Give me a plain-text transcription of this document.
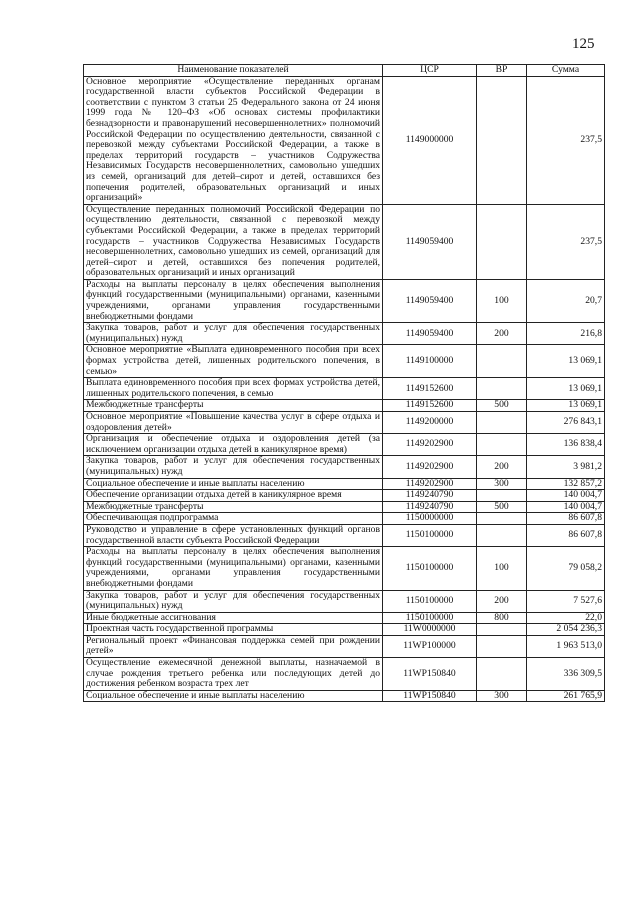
125
Наименование показателей	ЦСР	ВР	Сумма
Основное мероприятие «Осуществление переданных органам государственной власти субъектов Российской Федерации в соответствии с пунктом 3 статьи 25 Федерального закона от 24 июня 1999 года № 120–ФЗ «Об основах системы профилактики безнадзорности и правонарушений несовершеннолетних» полномочий Российской Федерации по осуществлению деятельности, связанной с перевозкой между субъектами Российской Федерации, а также в пределах территорий государств – участников Содружества Независимых Государств несовершеннолетних, самовольно ушедших из семей, организаций для детей–сирот и детей, оставшихся без попечения родителей, образовательных организаций и иных организаций»	1149000000		237,5
Осуществление переданных полномочий Российской Федерации по осуществлению деятельности, связанной с перевозкой между субъектами Российской Федерации, а также в пределах территорий государств – участников Содружества Независимых Государств несовершеннолетних, самовольно ушедших из семей, организаций для детей–сирот и детей, оставшихся без попечения родителей, образовательных организаций и иных организаций	1149059400		237,5
Расходы на выплаты персоналу в целях обеспечения выполнения функций государственными (муниципальными) органами, казенными учреждениями, органами управления государственными внебюджетными фондами	1149059400	100	20,7
Закупка товаров, работ и услуг для обеспечения государственных (муниципальных) нужд	1149059400	200	216,8
Основное мероприятие «Выплата единовременного пособия при всех формах устройства детей, лишенных родительского попечения, в семью»	1149100000		13 069,1
Выплата единовременного пособия при всех формах устройства детей, лишенных родительского попечения, в семью	1149152600		13 069,1
Межбюджетные трансферты	1149152600	500	13 069,1
Основное мероприятие «Повышение качества услуг в сфере отдыха и оздоровления детей»	1149200000		276 843,1
Организация и обеспечение отдыха и оздоровления детей (за исключением организации отдыха детей в каникулярное время)	1149202900		136 838,4
Закупка товаров, работ и услуг для обеспечения государственных (муниципальных) нужд	1149202900	200	3 981,2
Социальное обеспечение и иные выплаты населению	1149202900	300	132 857,2
Обеспечение организации отдыха детей в каникулярное время	1149240790		140 004,7
Межбюджетные трансферты	1149240790	500	140 004,7
Обеспечивающая подпрограмма	1150000000		86 607,8
Руководство и управление в сфере установленных функций органов государственной власти субъекта Российской Федерации	1150100000		86 607,8
Расходы на выплаты персоналу в целях обеспечения выполнения функций государственными (муниципальными) органами, казенными учреждениями, органами управления государственными внебюджетными фондами	1150100000	100	79 058,2
Закупка товаров, работ и услуг для обеспечения государственных (муниципальных) нужд	1150100000	200	7 527,6
Иные бюджетные ассигнования	1150100000	800	22,0
Проектная часть государственной программы	11W0000000		2 054 236,3
Региональный проект «Финансовая поддержка семей при рождении детей»	11WP100000		1 963 513,0
Осуществление ежемесячной денежной выплаты, назначаемой в случае рождения третьего ребенка или последующих детей до достижения ребенком возраста трех лет	11WP150840		336 309,5
Социальное обеспечение и иные выплаты населению	11WP150840	300	261 765,9
